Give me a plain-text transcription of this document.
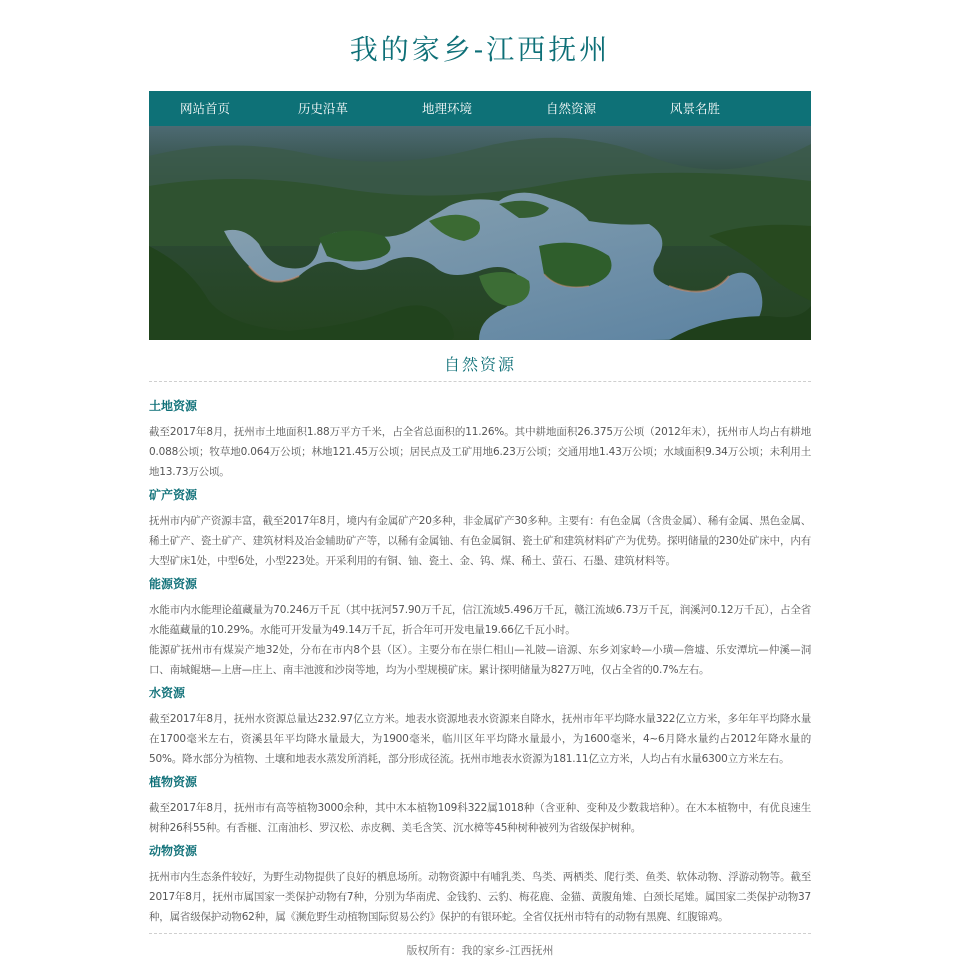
我的家乡-江西抚州
网站首页	历史沿革	地理环境	自然资源	风景名胜
自然资源
土地资源

截至2017年8月，抚州市土地面积1.88万平方千米，占全省总面积的11.26%。其中耕地面积26.375万公顷（2012年末），抚州市人均占有耕地0.088公顷；牧草地0.064万公顷；林地121.45万公顷；居民点及工矿用地6.23万公顷；交通用地1.43万公顷；水域面积9.34万公顷；未利用土地13.73万公顷。

矿产资源

抚州市内矿产资源丰富，截至2017年8月，境内有金属矿产20多种，非金属矿产30多种。主要有：有色金属（含贵金属）、稀有金属、黑色金属、稀土矿产、瓷土矿产、建筑材料及冶金辅助矿产等，以稀有金属铀、有色金属铜、瓷土矿和建筑材料矿产为优势。探明储量的230处矿床中，内有大型矿床1处，中型6处，小型223处。开采利用的有铜、铀、瓷土、金、钨、煤、稀土、萤石、石墨、建筑材料等。

能源资源

水能市内水能理论蕴藏量为70.246万千瓦（其中抚河57.90万千瓦，信江流域5.496万千瓦，赣江流域6.73万千瓦，润溪河0.12万千瓦），占全省水能蕴藏量的10.29%。水能可开发量为49.14万千瓦，折合年可开发电量19.66亿千瓦小时。

能源矿抚州市有煤炭产地32处，分布在市内8个县（区）。主要分布在崇仁相山—礼陂—谙源、东乡刘家岭—小璜—詹墟、乐安潭坑—仲溪—洞口、南城鲲塘—上唐—庄上、南丰池渡和沙岗等地，均为小型规模矿床。累计探明储量为827万吨，仅占全省的0.7%左右。

水资源

截至2017年8月，抚州水资源总量达232.97亿立方米。地表水资源地表水资源来自降水，抚州市年平均降水量322亿立方米，多年年平均降水量在1700毫米左右，资溪县年平均降水量最大，为1900毫米，临川区年平均降水量最小，为1600毫米，4~6月降水量约占2012年降水量的50%。降水部分为植物、土壤和地表水蒸发所消耗，部分形成径流。抚州市地表水资源为181.11亿立方米，人均占有水量6300立方米左右。

植物资源

截至2017年8月，抚州市有高等植物3000余种，其中木本植物109科322属1018种（含亚种、变种及少数栽培种）。在木本植物中，有优良速生树种26科55种。有香榧、江南油杉、罗汉松、赤皮稠、美毛含笑、沉水樟等45种树种被列为省级保护树种。

动物资源

抚州市内生态条件较好，为野生动物提供了良好的栖息场所。动物资源中有哺乳类、鸟类、两栖类、爬行类、鱼类、软体动物、浮游动物等。截至2017年8月，抚州市属国家一类保护动物有7种，分别为华南虎、金钱豹、云豹、梅花鹿、金猫、黄腹角雉、白颈长尾雉。属国家二类保护动物37种，属省级保护动物62种，属《濒危野生动植物国际贸易公约》保护的有银环蛇。全省仅抚州市特有的动物有黑麂、红腹锦鸡。

版权所有：我的家乡-江西抚州
